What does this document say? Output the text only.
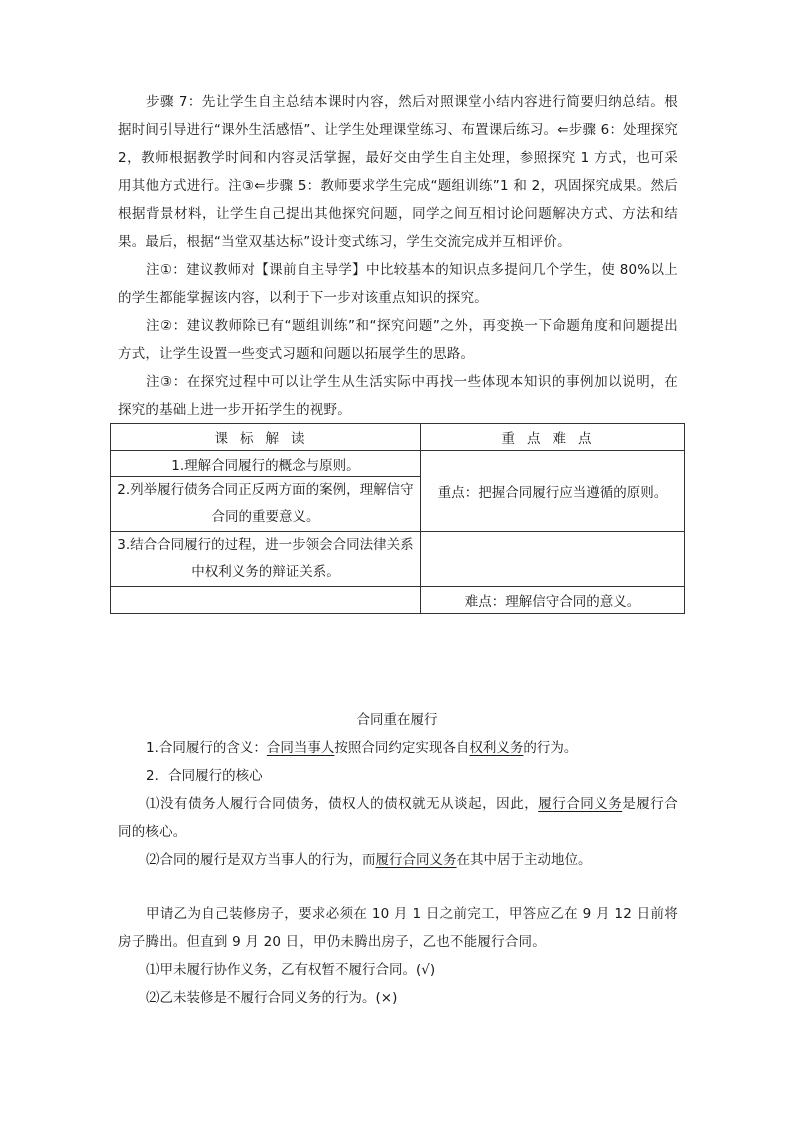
步骤 7：先让学生自主总结本课时内容，然后对照课堂小结内容进行简要归纳总结。根据时间引导进行“课外生活感悟”、让学生处理课堂练习、布置课后练习。⇐步骤 6：处理探究 2，教师根据教学时间和内容灵活掌握，最好交由学生自主处理，参照探究 1 方式，也可采用其他方式进行。注③⇐步骤 5：教师要求学生完成“题组训练”1 和 2，巩固探究成果。然后根据背景材料，让学生自己提出其他探究问题，同学之间互相讨论问题解决方式、方法和结果。最后，根据“当堂双基达标”设计变式练习，学生交流完成并互相评价。
注①：建议教师对【课前自主导学】中比较基本的知识点多提问几个学生，使 80%以上的学生都能掌握该内容，以利于下一步对该重点知识的探究。
注②：建议教师除已有“题组训练”和“探究问题”之外，再变换一下命题角度和问题提出方式，让学生设置一些变式习题和问题以拓展学生的思路。
注③：在探究过程中可以让学生从生活实际中再找一些体现本知识的事例加以说明，在探究的基础上进一步开拓学生的视野。
课标解读	重点难点
1.理解合同履行的概念与原则。	重点：把握合同履行应当遵循的原则。
2.列举履行债务合同正反两方面的案例，理解信守合同的重要意义。	
3.结合合同履行的过程，进一步领会合同法律关系中权利义务的辩证关系。	
	难点：理解信守合同的意义。
合同重在履行
1.合同履行的含义：合同当事人按照合同约定实现各自权利义务的行为。
2．合同履行的核心
⑴没有债务人履行合同债务，债权人的债权就无从谈起，因此，履行合同义务是履行合同的核心。
⑵合同的履行是双方当事人的行为，而履行合同义务在其中居于主动地位。
甲请乙为自己装修房子，要求必须在 10 月 1 日之前完工，甲答应乙在 9 月 12 日前将房子腾出。但直到 9 月 20 日，甲仍未腾出房子，乙也不能履行合同。
⑴甲未履行协作义务，乙有权暂不履行合同。(√)
⑵乙未装修是不履行合同义务的行为。(×)
